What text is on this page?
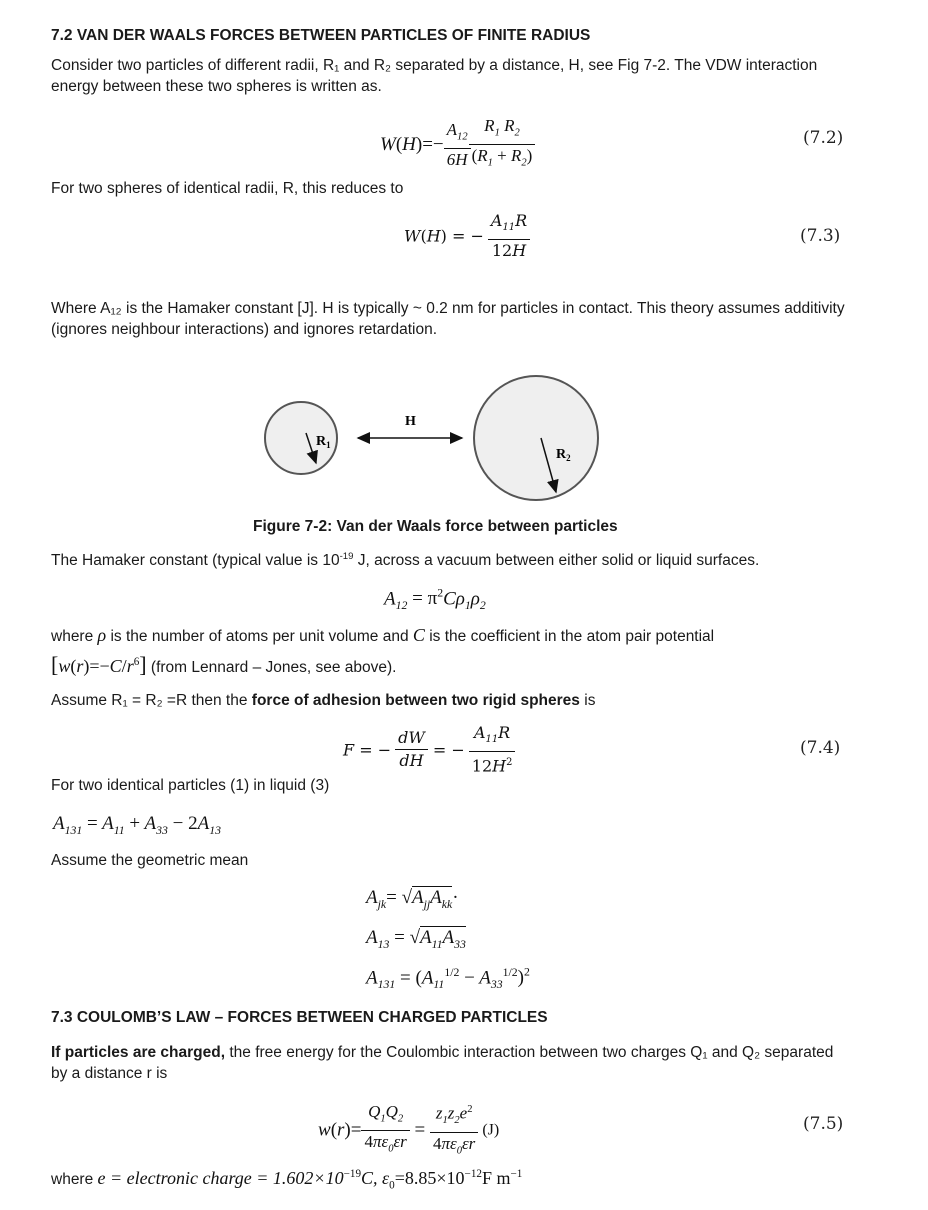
7.2 VAN DER WAALS FORCES BETWEEN PARTICLES OF FINITE RADIUS
Consider two particles of different radii, R₁ and R₂ separated by a distance, H, see Fig 7-2. The VDW interaction energy between these two spheres is written as.
$W(H)=- \frac{A_{12}}{6H}$
$\frac{R_1 R_2}{(R_1 + R_2)}$	(7.2)
For two spheres of identical radii, R, this reduces to
W(H) = − $\frac{A_{11}R}{12H}$	(7.3)
Where A₁₂ is the Hamaker constant [J]. H is typically ~ 0.2 nm for particles in contact. This theory assumes additivity (ignores neighbour interactions) and ignores retardation.
$R_1$
H
$R_2$
Figure 7-2: Van der Waals force between particles
The Hamaker constant (typical value is $10^{-19}$ J, across a vacuum between either solid or liquid surfaces.
$A_{12} = \pi^2C\rho_1\rho_2$
where ρ is the number of atoms per unit volume and C is the coefficient in the atom pair potential
$[w(r)=-C/r^6]$ (from Lennard – Jones, see above).
Assume R₁ = R₂ =R then the force of adhesion between two rigid spheres is
F = − $\frac{dW}{dH}$ = − $\frac{A_{11}R}{12H^2}$	(7.4)
For two identical particles (1) in liquid (3)
$A_{131} = A_{11} + A_{33} - 2A_{13}$
Assume the geometric mean
$A_{jk}= √A_{jj}A_{kk}\cdot$
$A_{13} = √A_{11}A_{33}$
$A_{131} = (A_{11}^{1/2} - A_{33}^{1/2})^2$
7.3 COULOMB’S LAW – FORCES BETWEEN CHARGED PARTICLES
If particles are charged, the free energy for the Coulombic interaction between two charges Q₁ and Q₂ separated by a distance r is
$w(r)= \frac{Q_1Q_2}{4\pi\varepsilon_0\varepsilon r} = \frac{z_1z_2e^2}{4\pi\varepsilon_0\varepsilon r} (J)$	(7.5)
where e = electronic charge = $1.602\times 10^{-19}C$, $\varepsilon_0=8.85\times 10^{-12}F$ $m^{-1}$
